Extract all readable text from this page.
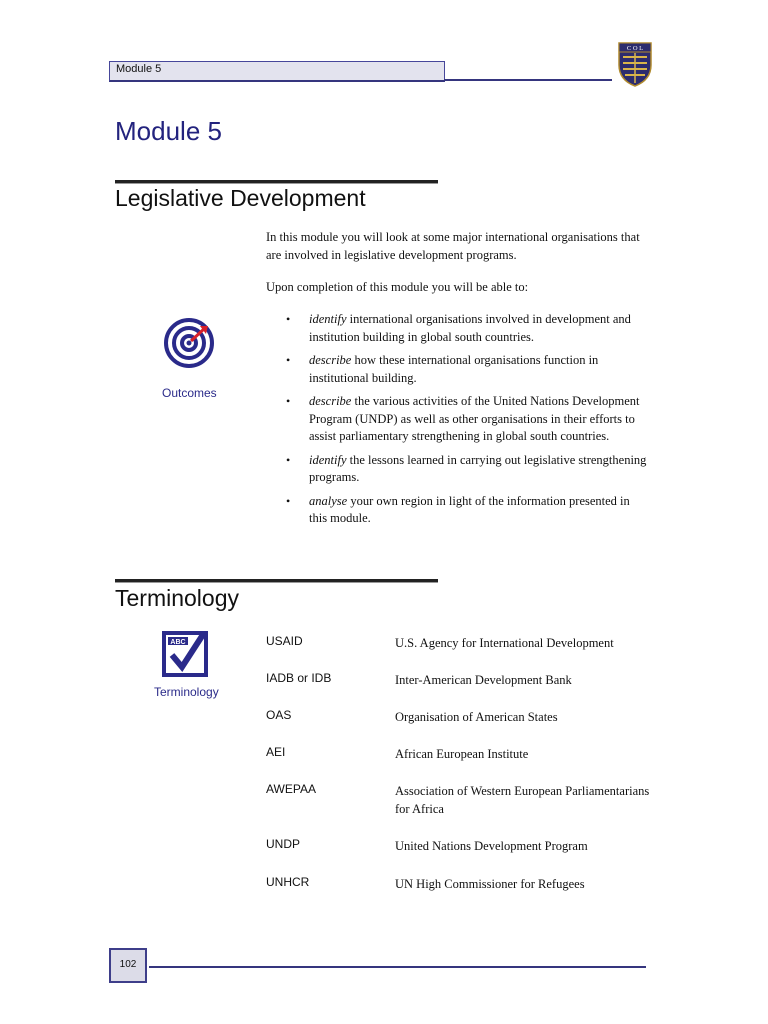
Module 5
C O L
Module 5
Legislative Development
In this module you will look at some major international organisations that are involved in legislative development programs.
Upon completion of this module you will be able to:
Outcomes
• identify international organisations involved in development and institution building in global south countries.
• describe how these international organisations function in institutional building.
• describe the various activities of the United Nations Development Program (UNDP) as well as other organisations in their efforts to assist parliamentary strengthening in global south countries.
• identify the lessons learned in carrying out legislative strengthening programs.
• analyse your own region in light of the information presented in this module.
Terminology
ABC
Terminology
USAID	U.S. Agency for International Development
IADB or IDB	Inter-American Development Bank
OAS	Organisation of American States
AEI	African European Institute
AWEPAA	Association of Western European Parliamentarians for Africa
UNDP	United Nations Development Program
UNHCR	UN High Commissioner for Refugees
102
